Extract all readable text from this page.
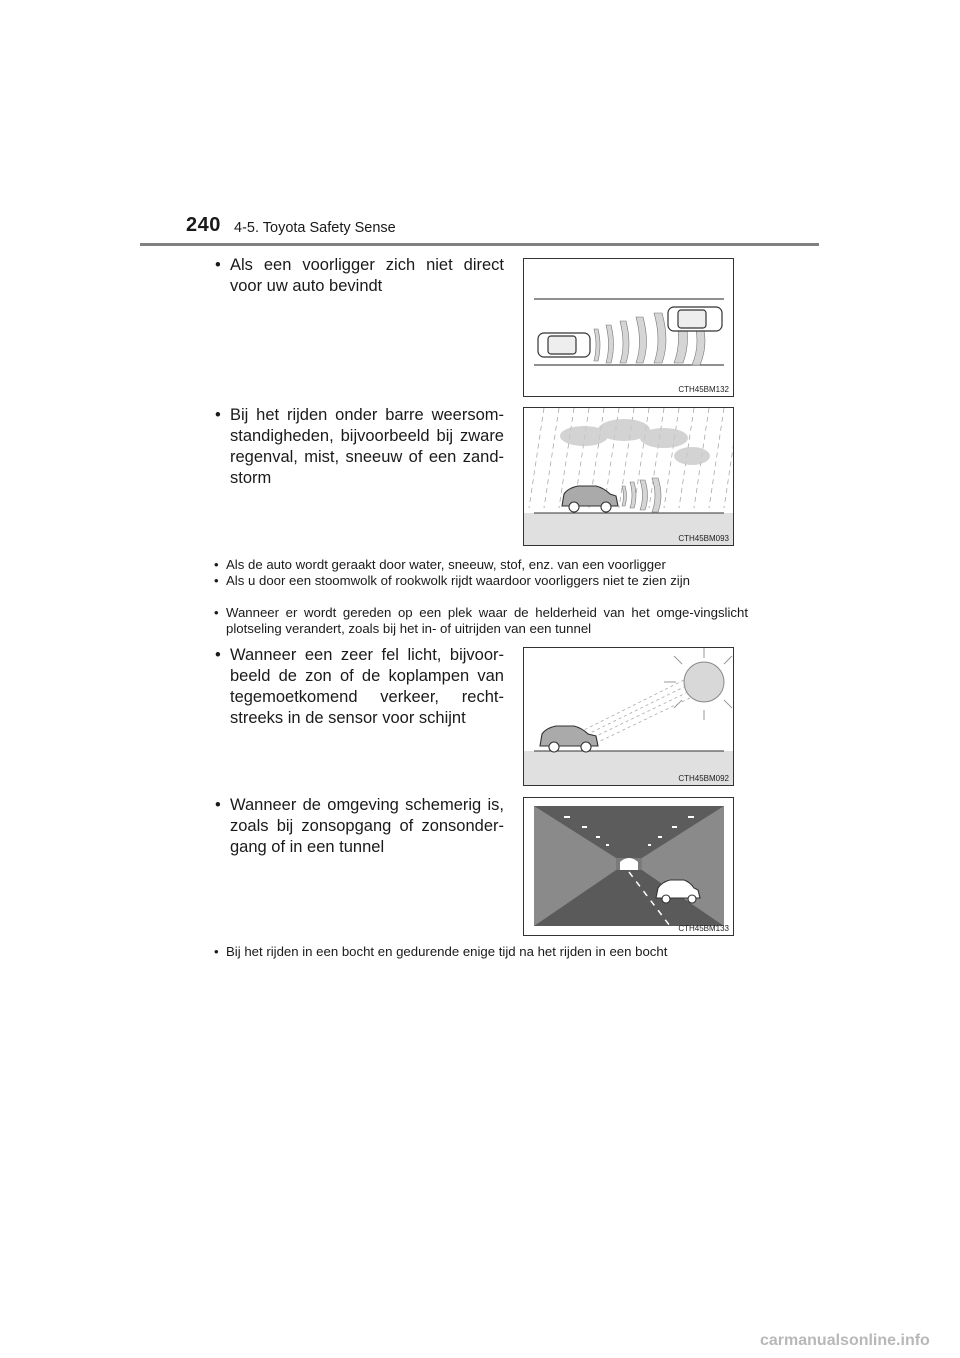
240 4-5. Toyota Safety Sense
• Als een voorligger zich niet direct voor uw auto bevindt
CTH45BM132
• Bij het rijden onder barre weersom-standigheden, bijvoorbeeld bij zware regenval, mist, sneeuw of een zand-storm
CTH45BM093
• Als de auto wordt geraakt door water, sneeuw, stof, enz. van een voorligger
• Als u door een stoomwolk of rookwolk rijdt waardoor voorliggers niet te zien zijn
• Wanneer er wordt gereden op een plek waar de helderheid van het omge-vingslicht plotseling verandert, zoals bij het in- of uitrijden van een tunnel
• Wanneer een zeer fel licht, bijvoor-beeld de zon of de koplampen van tegemoetkomend verkeer, recht-streeks in de sensor voor schijnt
CTH45BM092
• Wanneer de omgeving schemerig is, zoals bij zonsopgang of zonsonder-gang of in een tunnel
CTH45BM133
• Bij het rijden in een bocht en gedurende enige tijd na het rijden in een bocht
carmanualsonline.info
